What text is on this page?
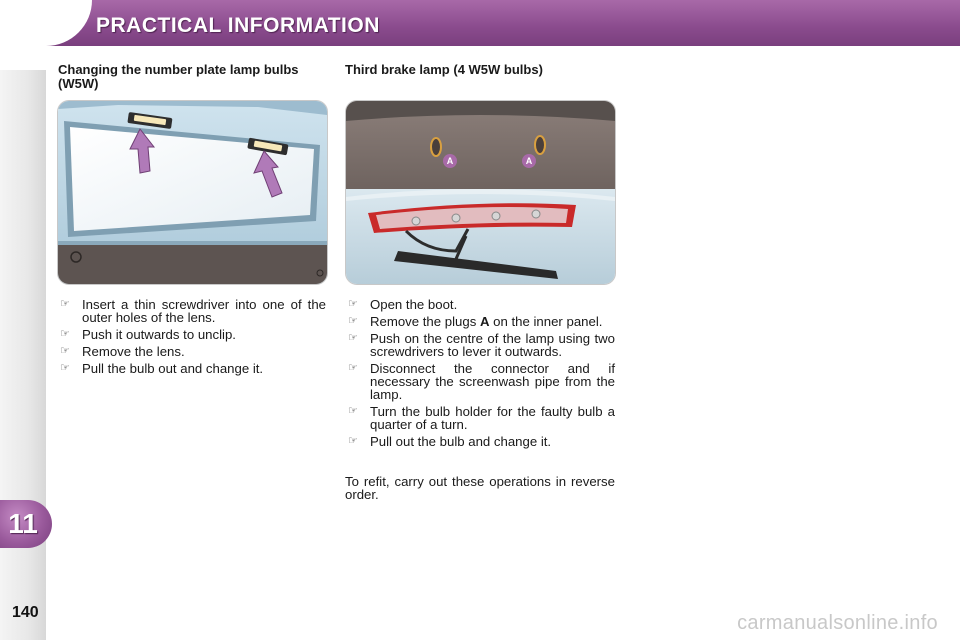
PRACTICAL INFORMATION
11
140
Changing the number plate lamp bulbs (W5W)
☞ Insert a thin screwdriver into one of the outer holes of the lens.
☞ Push it outwards to unclip.
☞ Remove the lens.
☞ Pull the bulb out and change it.
Third brake lamp (4 W5W bulbs)
A	A
☞ Open the boot.
☞ Remove the plugs A on the inner panel.
☞ Push on the centre of the lamp using two screwdrivers to lever it outwards.
☞ Disconnect the connector and if necessary the screenwash pipe from the lamp.
☞ Turn the bulb holder for the faulty bulb a quarter of a turn.
☞ Pull out the bulb and change it.
To refit, carry out these operations in reverse order.
carmanualsonline.info
